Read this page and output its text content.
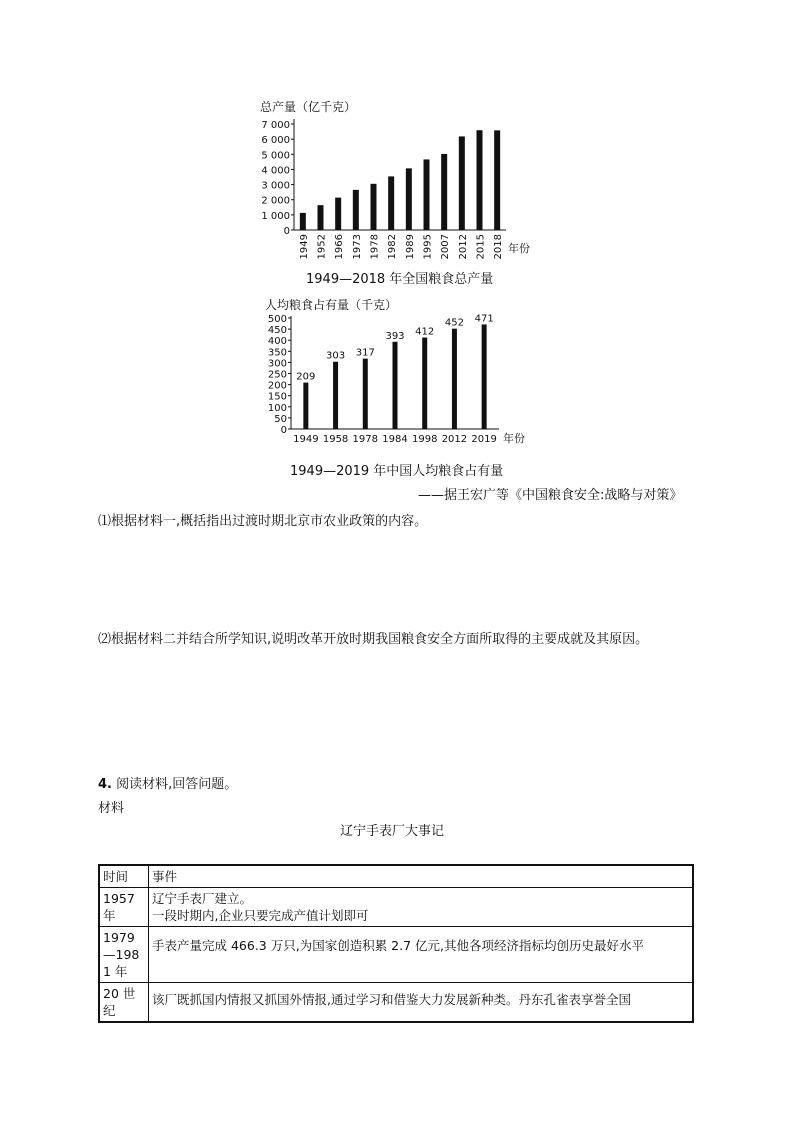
总产量（亿千克）
0
1 000
2 000
3 000
4 000
5 000
6 000
7 000
1949 1952 1966 1973 1978 1982 1989 1995 2007 2012 2015 2018 年份
1949—2018 年全国粮食总产量
人均粮食占有量（千克）
0
50
100
150
200
250
300
350
400
450
500
209
303 317
393 412
452 471
1949 1958 1978 1984 1998 2012 2019 年份
1949—2019 年中国人均粮食占有量
——据王宏广等《中国粮食安全:战略与对策》
⑴根据材料一,概括指出过渡时期北京市农业政策的内容。
⑵根据材料二并结合所学知识,说明改革开放时期我国粮食安全方面所取得的主要成就及其原因。
4. 阅读材料,回答问题。
材料
辽宁手表厂大事记
时间	事件
1957 年	辽宁手表厂建立。
一段时期内,企业只要完成产值计划即可
1979—1981 年	手表产量完成 466.3 万只,为国家创造积累 2.7 亿元,其他各项经济指标均创历史最好水平
20 世纪	该厂既抓国内情报又抓国外情报,通过学习和借鉴大力发展新种类。丹东孔雀表享誉全国
